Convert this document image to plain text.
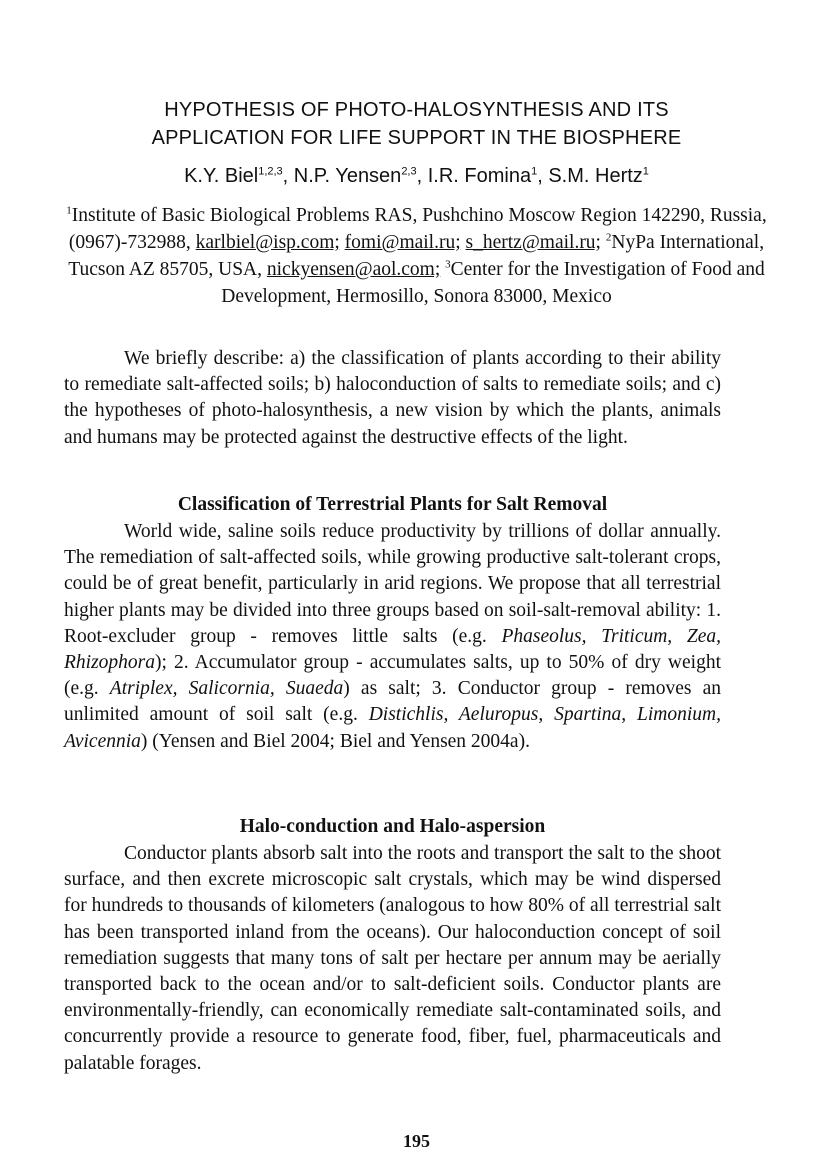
HYPOTHESIS OF PHOTO-HALOSYNTHESIS AND ITS
APPLICATION FOR LIFE SUPPORT IN THE BIOSPHERE
K.Y. Biel$^{1,2,3}$, N.P. Yensen$^{2,3}$, I.R. Fomina$^1$, S.M. Hertz$^1$
$^1$Institute of Basic Biological Problems RAS, Pushchino Moscow Region 142290, Russia, (0967)-732988, karlbiel@isp.com; fomi@mail.ru; s_hertz@mail.ru; $^2$NyPa International, Tucson AZ 85705, USA, nickyensen@aol.com; $^3$Center for the Investigation of Food and Development, Hermosillo, Sonora 83000, Mexico

We briefly describe: a) the classification of plants according to their ability to remediate salt-affected soils; b) haloconduction of salts to remediate soils; and c) the hypotheses of photo-halosynthesis, a new vision by which the plants, animals and humans may be protected against the destructive effects of the light.

Classification of Terrestrial Plants for Salt Removal

World wide, saline soils reduce productivity by trillions of dollar annually. The remediation of salt-affected soils, while growing productive salt-tolerant crops, could be of great benefit, particularly in arid regions. We propose that all terrestrial higher plants may be divided into three groups based on soil-salt-removal ability: 1. Root-excluder group - removes little salts (e.g. Phaseolus, Triticum, Zea, Rhizophora); 2. Accumulator group - accumulates salts, up to 50% of dry weight (e.g. Atriplex, Salicornia, Suaeda) as salt; 3. Conductor group - removes an unlimited amount of soil salt (e.g. Distichlis, Aeluropus, Spartina, Limonium, Avicennia) (Yensen and Biel 2004; Biel and Yensen 2004a).

Halo-conduction and Halo-aspersion

Conductor plants absorb salt into the roots and transport the salt to the shoot surface, and then excrete microscopic salt crystals, which may be wind dispersed for hundreds to thousands of kilometers (analogous to how 80% of all terrestrial salt has been transported inland from the oceans). Our haloconduction concept of soil remediation suggests that many tons of salt per hectare per annum may be aerially transported back to the ocean and/or to salt-deficient soils. Conductor plants are environmentally-friendly, can economically remediate salt-contaminated soils, and concurrently provide a resource to generate food, fiber, fuel, pharmaceuticals and palatable forages.

195
